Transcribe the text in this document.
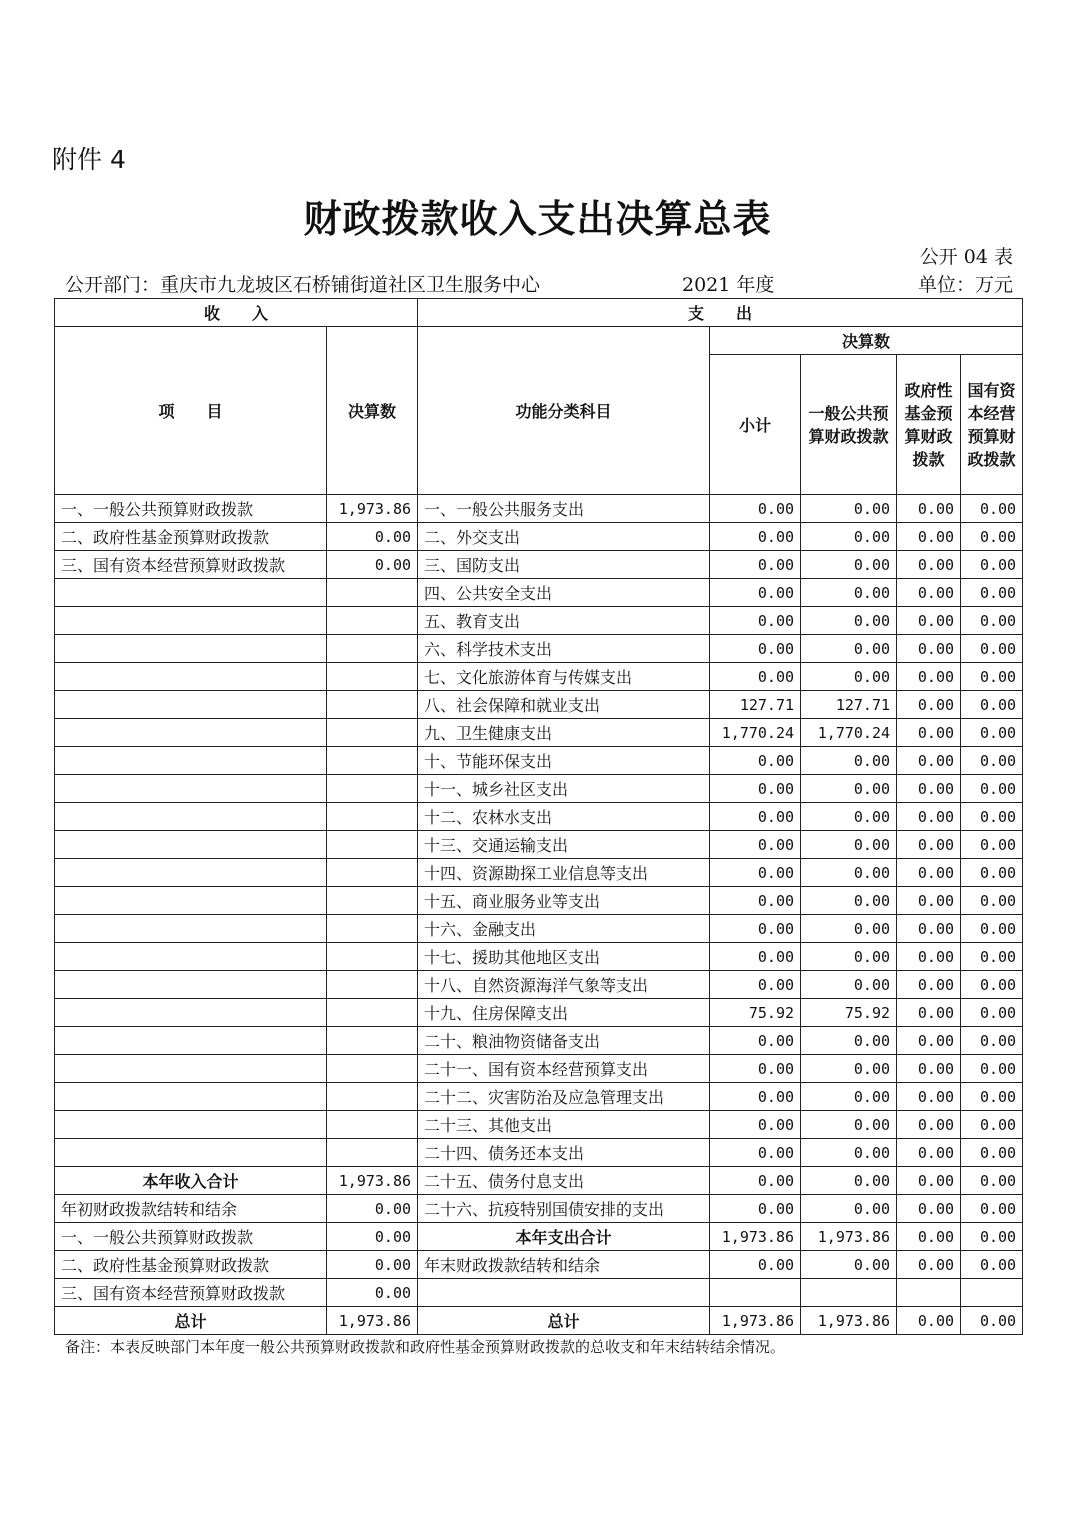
附件 4
财政拨款收入支出决算总表
公开 04 表
公开部门：重庆市九龙坡区石桥铺街道社区卫生服务中心	2021 年度	单位：万元
收　　入		支　　出				
项　　目	决算数	功能分类科目	决算数			
			小计	一般公共预算财政拨款	政府性基金预算财政拨款	国有资本经营预算财政拨款

一、一般公共预算财政拨款	1,973.86	一、一般公共服务支出	0.00	0.00	0.00	0.00
二、政府性基金预算财政拨款	0.00	二、外交支出	0.00	0.00	0.00	0.00
三、国有资本经营预算财政拨款	0.00	三、国防支出	0.00	0.00	0.00	0.00
		四、公共安全支出	0.00	0.00	0.00	0.00
		五、教育支出	0.00	0.00	0.00	0.00
		六、科学技术支出	0.00	0.00	0.00	0.00
		七、文化旅游体育与传媒支出	0.00	0.00	0.00	0.00
		八、社会保障和就业支出	127.71	127.71	0.00	0.00
		九、卫生健康支出	1,770.24	1,770.24	0.00	0.00
		十、节能环保支出	0.00	0.00	0.00	0.00
		十一、城乡社区支出	0.00	0.00	0.00	0.00
		十二、农林水支出	0.00	0.00	0.00	0.00
		十三、交通运输支出	0.00	0.00	0.00	0.00
		十四、资源勘探工业信息等支出	0.00	0.00	0.00	0.00
		十五、商业服务业等支出	0.00	0.00	0.00	0.00
		十六、金融支出	0.00	0.00	0.00	0.00
		十七、援助其他地区支出	0.00	0.00	0.00	0.00
		十八、自然资源海洋气象等支出	0.00	0.00	0.00	0.00
		十九、住房保障支出	75.92	75.92	0.00	0.00
		二十、粮油物资储备支出	0.00	0.00	0.00	0.00
		二十一、国有资本经营预算支出	0.00	0.00	0.00	0.00
		二十二、灾害防治及应急管理支出	0.00	0.00	0.00	0.00
		二十三、其他支出	0.00	0.00	0.00	0.00
		二十四、债务还本支出	0.00	0.00	0.00	0.00
本年收入合计	1,973.86	二十五、债务付息支出	0.00	0.00	0.00	0.00
年初财政拨款结转和结余	0.00	二十六、抗疫特别国债安排的支出	0.00	0.00	0.00	0.00
一、一般公共预算财政拨款	0.00	本年支出合计	1,973.86	1,973.86	0.00	0.00
二、政府性基金预算财政拨款	0.00	年末财政拨款结转和结余	0.00	0.00	0.00	0.00
三、国有资本经营预算财政拨款	0.00					
总计	1,973.86	总计	1,973.86	1,973.86	0.00	0.00
备注：本表反映部门本年度一般公共预算财政拨款和政府性基金预算财政拨款的总收支和年末结转结余情况。
